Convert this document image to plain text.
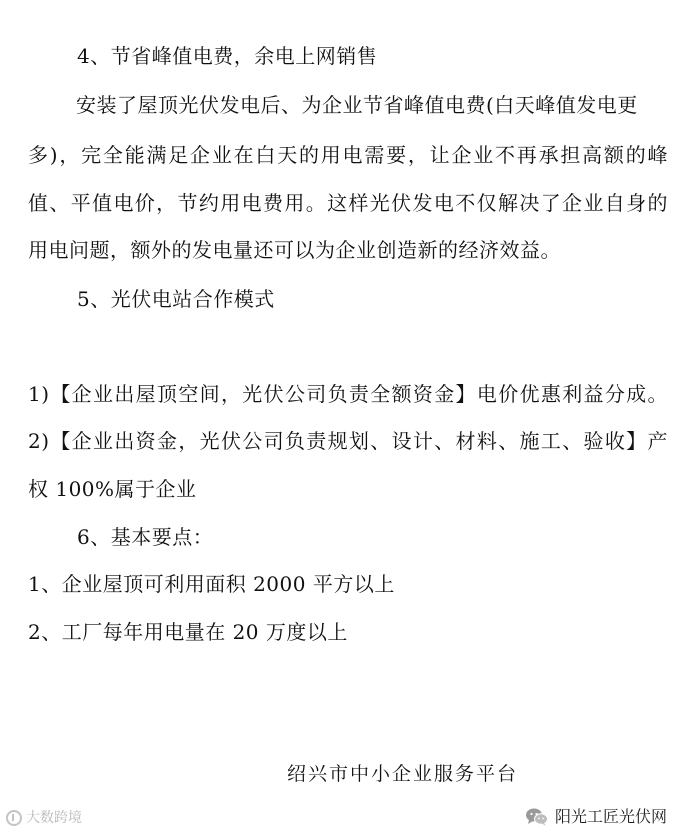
4、节省峰值电费，余电上网销售
安装了屋顶光伏发电后、为企业节省峰值电费(白天峰值发电更
多)，完全能满足企业在白天的用电需要，让企业不再承担高额的峰
值、平值电价，节约用电费用。这样光伏发电不仅解决了企业自身的
用电问题，额外的发电量还可以为企业创造新的经济效益。
5、光伏电站合作模式
1)【企业出屋顶空间，光伏公司负责全额资金】电价优惠利益分成。
2)【企业出资金，光伏公司负责规划、设计、材料、施工、验收】产
权 100%属于企业
6、基本要点：
1、企业屋顶可利用面积 2000 平方以上
2、工厂每年用电量在 20 万度以上
绍兴市中小企业服务平台
大数跨境	阳光工匠光伏网
